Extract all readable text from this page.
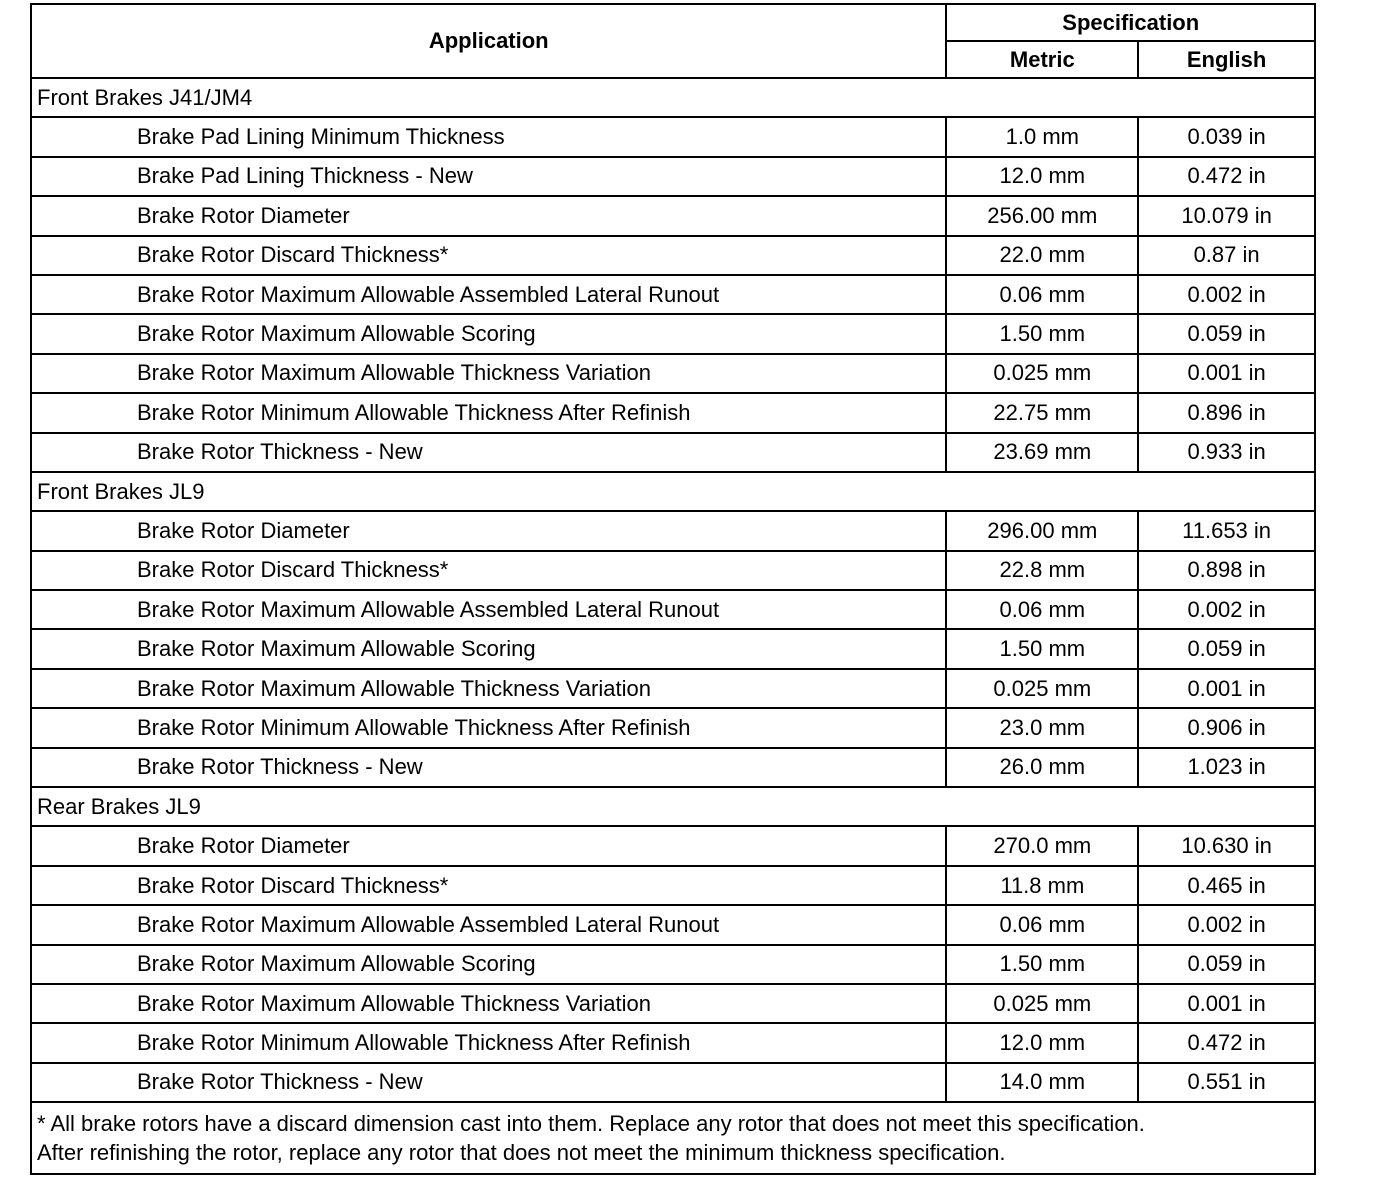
Application	Specification	
	Metric	English
Front Brakes J41/JM4		
Brake Pad Lining Minimum Thickness	1.0 mm	0.039 in
Brake Pad Lining Thickness - New	12.0 mm	0.472 in
Brake Rotor Diameter	256.00 mm	10.079 in
Brake Rotor Discard Thickness*	22.0 mm	0.87 in
Brake Rotor Maximum Allowable Assembled Lateral Runout	0.06 mm	0.002 in
Brake Rotor Maximum Allowable Scoring	1.50 mm	0.059 in
Brake Rotor Maximum Allowable Thickness Variation	0.025 mm	0.001 in
Brake Rotor Minimum Allowable Thickness After Refinish	22.75 mm	0.896 in
Brake Rotor Thickness - New	23.69 mm	0.933 in
Front Brakes JL9		
Brake Rotor Diameter	296.00 mm	11.653 in
Brake Rotor Discard Thickness*	22.8 mm	0.898 in
Brake Rotor Maximum Allowable Assembled Lateral Runout	0.06 mm	0.002 in
Brake Rotor Maximum Allowable Scoring	1.50 mm	0.059 in
Brake Rotor Maximum Allowable Thickness Variation	0.025 mm	0.001 in
Brake Rotor Minimum Allowable Thickness After Refinish	23.0 mm	0.906 in
Brake Rotor Thickness - New	26.0 mm	1.023 in
Rear Brakes JL9		
Brake Rotor Diameter	270.0 mm	10.630 in
Brake Rotor Discard Thickness*	11.8 mm	0.465 in
Brake Rotor Maximum Allowable Assembled Lateral Runout	0.06 mm	0.002 in
Brake Rotor Maximum Allowable Scoring	1.50 mm	0.059 in
Brake Rotor Maximum Allowable Thickness Variation	0.025 mm	0.001 in
Brake Rotor Minimum Allowable Thickness After Refinish	12.0 mm	0.472 in
Brake Rotor Thickness - New	14.0 mm	0.551 in

* All brake rotors have a discard dimension cast into them. Replace any rotor that does not meet this specification.
After refinishing the rotor, replace any rotor that does not meet the minimum thickness specification.		
